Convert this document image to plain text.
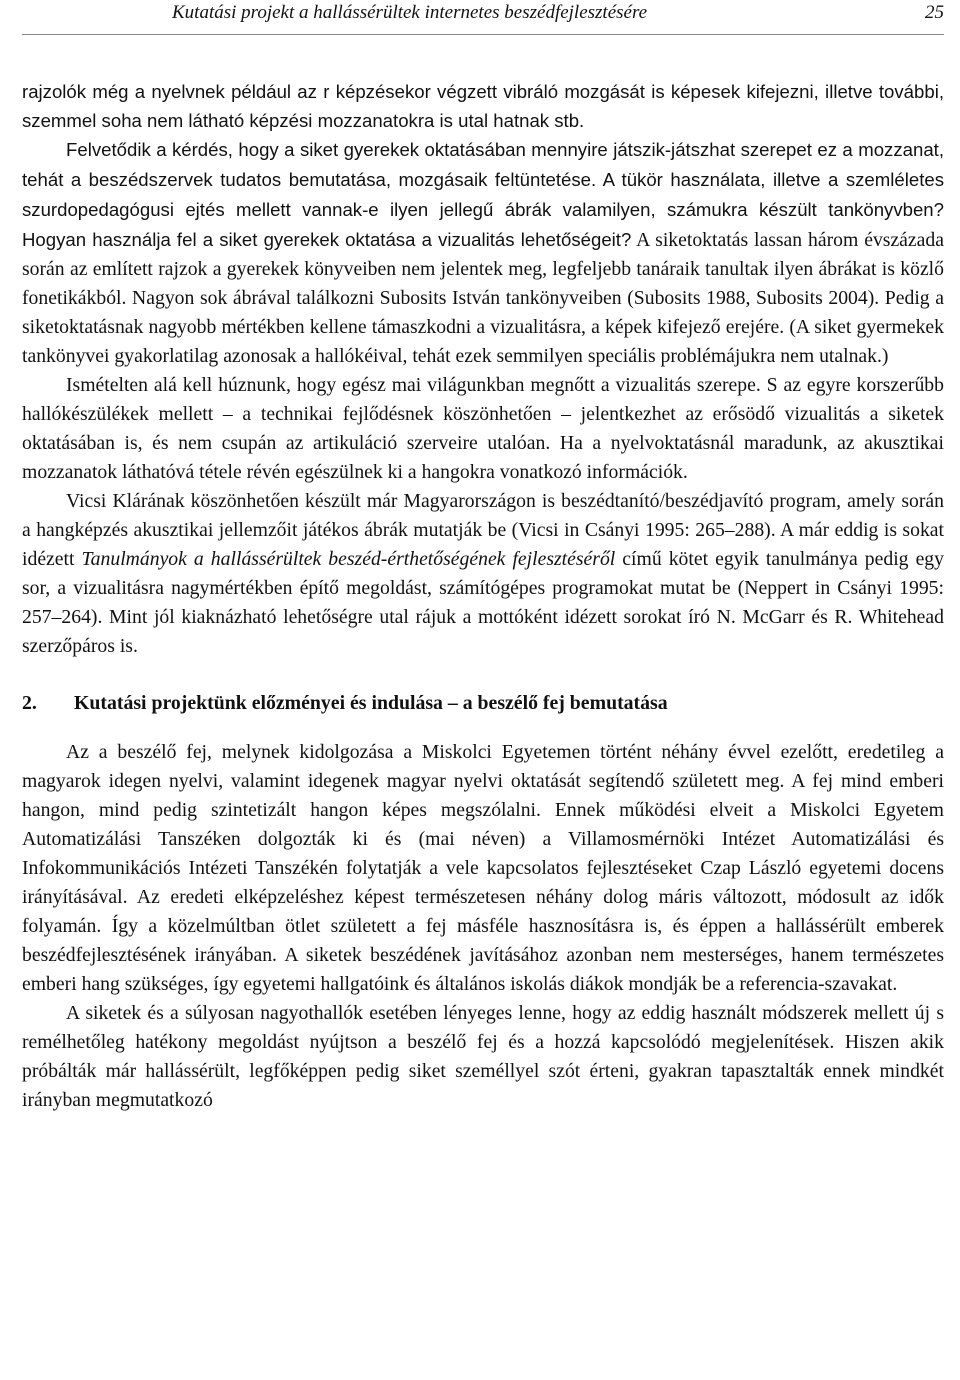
Kutatási projekt a hallássérültek internetes beszédfejlesztésére	25

rajzolók még a nyelvnek például az r képzésekor végzett vibráló mozgását is képesek kifejezni, illetve további, szemmel soha nem látható képzési mozzanatokra is utal hatnak stb.

Felvetődik a kérdés, hogy a siket gyerekek oktatásában mennyire játszik-játszhat szerepet ez a mozzanat, tehát a beszédszervek tudatos bemutatása, mozgásaik feltüntetése. A tükör használata, illetve a szemléletes szurdopedagógusi ejtés mellett vannak-e ilyen jellegű ábrák valamilyen, számukra készült tankönyvben? Hogyan használja fel a siket gyerekek oktatása a vizualitás lehetőségeit? A siketoktatás lassan három évszázada során az említett rajzok a gyerekek könyveiben nem jelentek meg, legfeljebb tanáraik tanultak ilyen ábrákat is közlő fonetikákból. Nagyon sok ábrával találkozni Subosits István tankönyveiben (Subosits 1988, Subosits 2004). Pedig a siketoktatásnak nagyobb mértékben kellene támaszkodni a vizualitásra, a képek kifejező erejére. (A siket gyermekek tankönyvei gyakorlatilag azonosak a hallókéival, tehát ezek semmilyen speciális problémájukra nem utalnak.)

Ismételten alá kell húznunk, hogy egész mai világunkban megnőtt a vizualitás szerepe. S az egyre korszerűbb hallókészülékek mellett – a technikai fejlődésnek köszönhetően – jelentkezhet az erősödő vizualitás a siketek oktatásában is, és nem csupán az artikuláció szerveire utalóan. Ha a nyelvoktatásnál maradunk, az akusztikai mozzanatok láthatóvá tétele révén egészülnek ki a hangokra vonatkozó információk.

Vicsi Klárának köszönhetően készült már Magyarországon is beszédtanító/beszédjavító program, amely során a hangképzés akusztikai jellemzőit játékos ábrák mutatják be (Vicsi in Csányi 1995: 265–288). A már eddig is sokat idézett Tanulmányok a hallássérültek beszéd-érthetőségének fejlesztéséről című kötet egyik tanulmánya pedig egy sor, a vizualitásra nagymértékben építő megoldást, számítógépes programokat mutat be (Neppert in Csányi 1995: 257–264). Mint jól kiaknázható lehetőségre utal rájuk a mottóként idézett sorokat író N. McGarr és R. Whitehead szerzőpáros is.

2. Kutatási projektünk előzményei és indulása – a beszélő fej bemutatása

Az a beszélő fej, melynek kidolgozása a Miskolci Egyetemen történt néhány évvel ezelőtt, eredetileg a magyarok idegen nyelvi, valamint idegenek magyar nyelvi oktatását segítendő született meg. A fej mind emberi hangon, mind pedig szintetizált hangon képes megszólalni. Ennek működési elveit a Miskolci Egyetem Automatizálási Tanszéken dolgozták ki és (mai néven) a Villamosmérnöki Intézet Automatizálási és Infokommunikációs Intézeti Tanszékén folytatják a vele kapcsolatos fejlesztéseket Czap László egyetemi docens irányításával. Az eredeti elképzeléshez képest természetesen néhány dolog máris változott, módosult az idők folyamán. Így a közelmúltban ötlet született a fej másféle hasznosításra is, és éppen a hallássérült emberek beszédfejlesztésének irányában. A siketek beszédének javításához azonban nem mesterséges, hanem természetes emberi hang szükséges, így egyetemi hallgatóink és általános iskolás diákok mondják be a referencia-szavakat.

A siketek és a súlyosan nagyothallók esetében lényeges lenne, hogy az eddig használt módszerek mellett új s remélhetőleg hatékony megoldást nyújtson a beszélő fej és a hozzá kapcsolódó megjelenítések. Hiszen akik próbálták már hallássérült, legfőképpen pedig siket személlyel szót érteni, gyakran tapasztalták ennek mindkét irányban megmutatkozó
